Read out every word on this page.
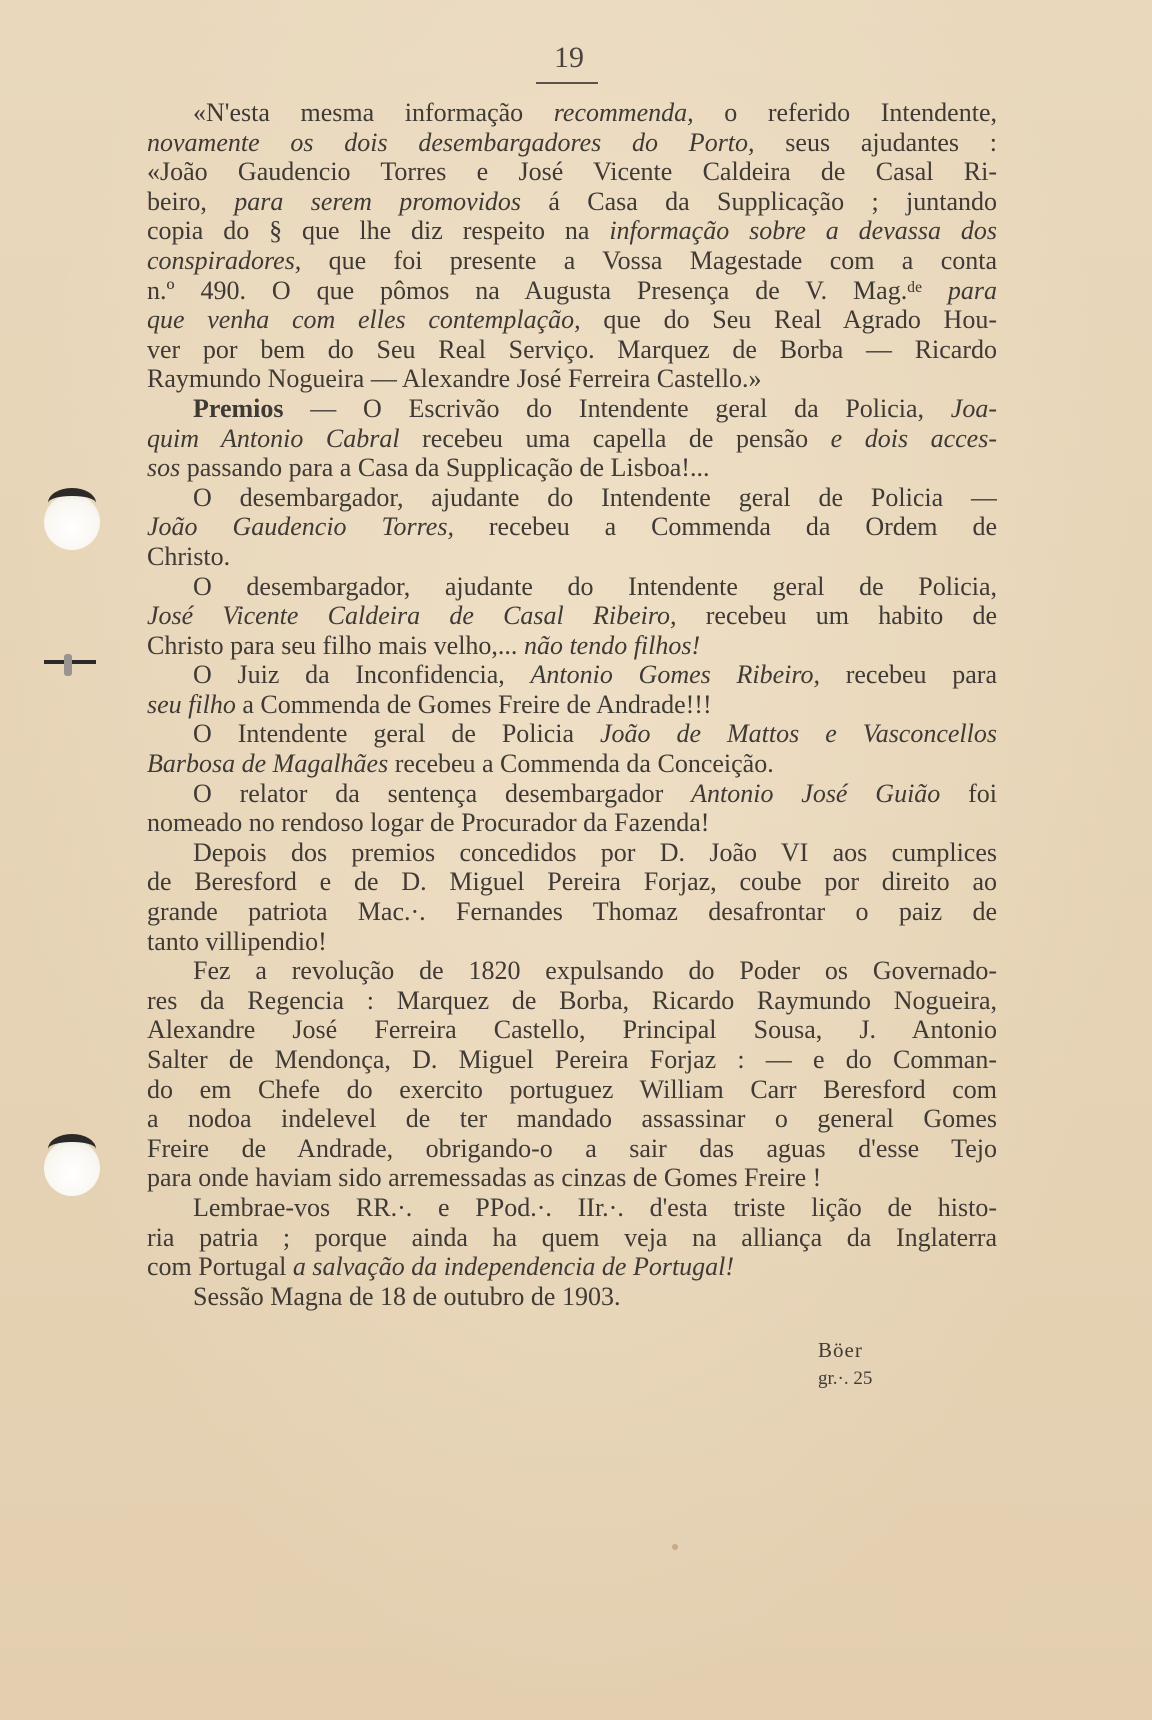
19
«N'esta mesma informação recommenda, o referido Intendente,
novamente os dois desembargadores do Porto, seus ajudantes :
«João Gaudencio Torres e José Vicente Caldeira de Casal Ri-
beiro, para serem promovidos á Casa da Supplicação ; juntando
copia do § que lhe diz respeito na informação sobre a devassa dos
conspiradores, que foi presente a Vossa Magestade com a conta
n.º 490. O que pômos na Augusta Presença de V. Mag.ᵈᵉ para
que venha com elles contemplação, que do Seu Real Agrado Hou-
ver por bem do Seu Real Serviço. Marquez de Borba — Ricardo
Raymundo Nogueira — Alexandre José Ferreira Castello.»
Premios — O Escrivão do Intendente geral da Policia, Joa-
quim Antonio Cabral recebeu uma capella de pensão e dois acces-
sos passando para a Casa da Supplicação de Lisboa!...
O desembargador, ajudante do Intendente geral de Policia —
João Gaudencio Torres, recebeu a Commenda da Ordem de
Christo.
O desembargador, ajudante do Intendente geral de Policia,
José Vicente Caldeira de Casal Ribeiro, recebeu um habito de
Christo para seu filho mais velho,... não tendo filhos!
O Juiz da Inconfidencia, Antonio Gomes Ribeiro, recebeu para
seu filho a Commenda de Gomes Freire de Andrade!!!
O Intendente geral de Policia João de Mattos e Vasconcellos
Barbosa de Magalhães recebeu a Commenda da Conceição.
O relator da sentença desembargador Antonio José Guião foi
nomeado no rendoso logar de Procurador da Fazenda!
Depois dos premios concedidos por D. João VI aos cumplices
de Beresford e de D. Miguel Pereira Forjaz, coube por direito ao
grande patriota Mac.·. Fernandes Thomaz desafrontar o paiz de
tanto villipendio!
Fez a revolução de 1820 expulsando do Poder os Governado-
res da Regencia : Marquez de Borba, Ricardo Raymundo Nogueira,
Alexandre José Ferreira Castello, Principal Sousa, J. Antonio
Salter de Mendonça, D. Miguel Pereira Forjaz : — e do Comman-
do em Chefe do exercito portuguez William Carr Beresford com
a nodoa indelevel de ter mandado assassinar o general Gomes
Freire de Andrade, obrigando-o a sair das aguas d'esse Tejo
para onde haviam sido arremessadas as cinzas de Gomes Freire !
Lembrae-vos RR.·. e PPod.·. IIr.·. d'esta triste lição de histo-
ria patria ; porque ainda ha quem veja na alliança da Inglaterra
com Portugal a salvação da independencia de Portugal!
Sessão Magna de 18 de outubro de 1903.
Böer
gr.·. 25
